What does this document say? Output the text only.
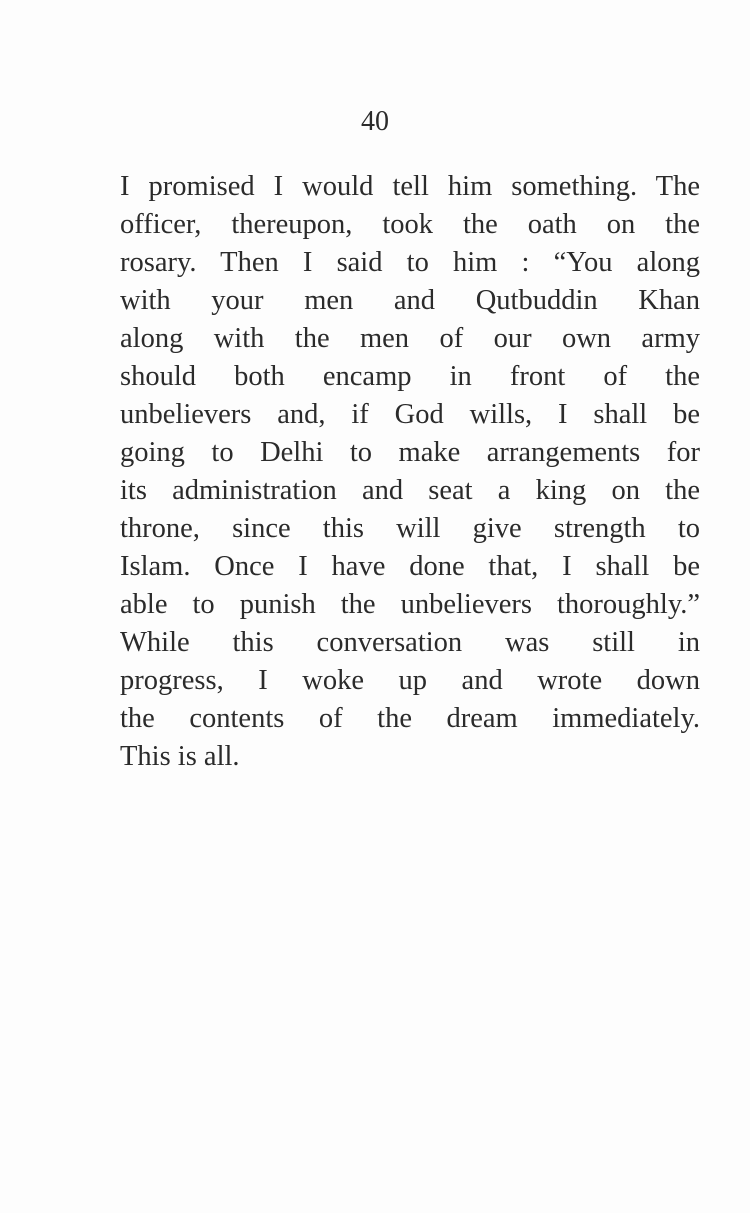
40
I promised I would tell him something. The
officer, thereupon, took the oath on the
rosary. Then I said to him : “You along
with your men and Qutbuddin Khan
along with the men of our own army
should both encamp in front of the
unbelievers and, if God wills, I shall be
going to Delhi to make arrangements for
its administration and seat a king on the
throne, since this will give strength to
Islam. Once I have done that, I shall be
able to punish the unbelievers thoroughly.”
While this conversation was still in
progress, I woke up and wrote down
the contents of the dream immediately.
This is all.
